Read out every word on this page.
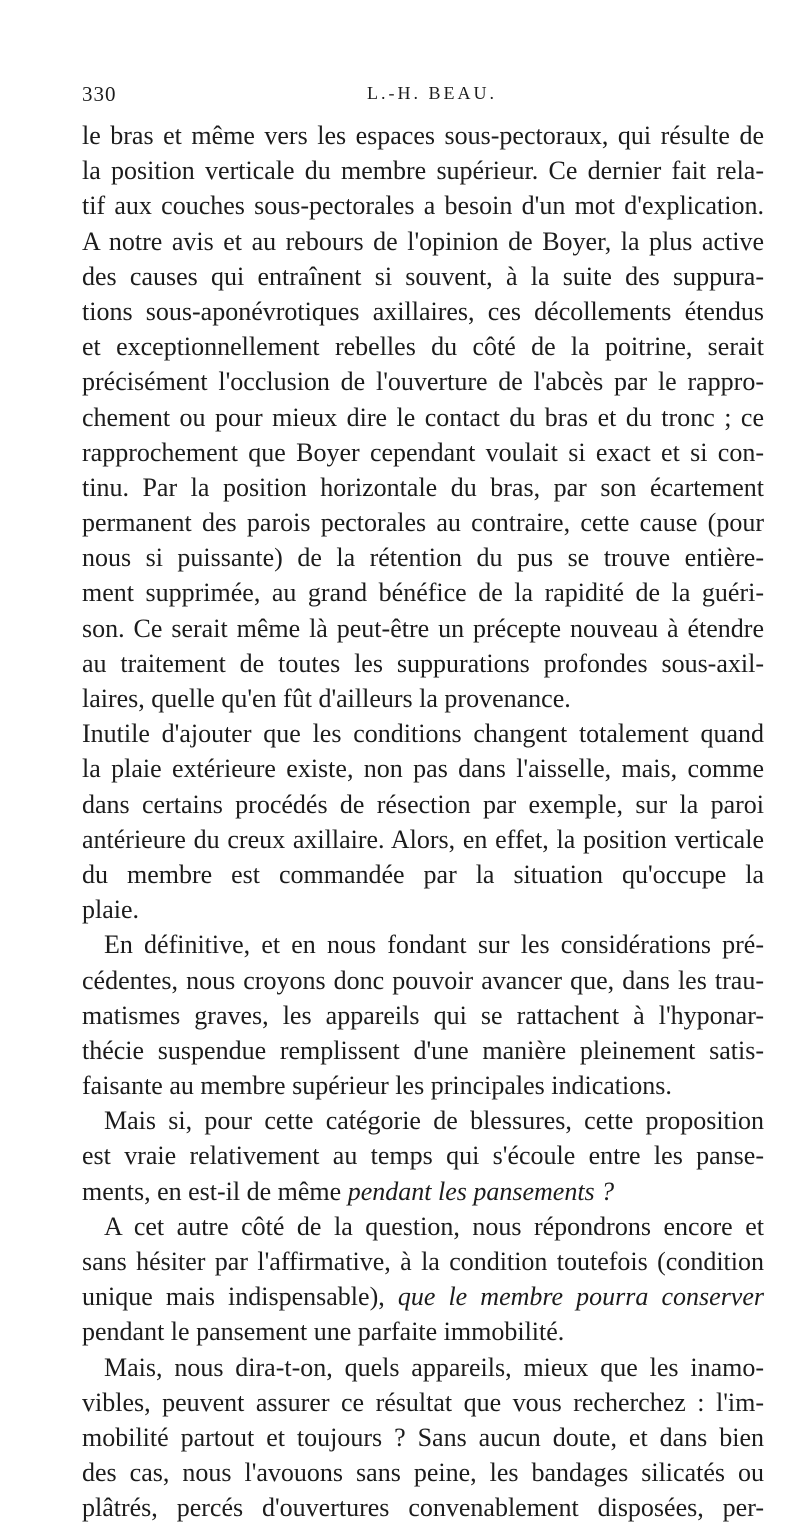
330	L.-H. BEAU.
le bras et même vers les espaces sous-pectoraux, qui résulte de
la position verticale du membre supérieur. Ce dernier fait rela-
tif aux couches sous-pectorales a besoin d'un mot d'explication.
A notre avis et au rebours de l'opinion de Boyer, la plus active
des causes qui entraînent si souvent, à la suite des suppura-
tions sous-aponévrotiques axillaires, ces décollements étendus
et exceptionnellement rebelles du côté de la poitrine, serait
précisément l'occlusion de l'ouverture de l'abcès par le rappro-
chement ou pour mieux dire le contact du bras et du tronc ; ce
rapprochement que Boyer cependant voulait si exact et si con-
tinu. Par la position horizontale du bras, par son écartement
permanent des parois pectorales au contraire, cette cause (pour
nous si puissante) de la rétention du pus se trouve entière-
ment supprimée, au grand bénéfice de la rapidité de la guéri-
son. Ce serait même là peut-être un précepte nouveau à étendre
au traitement de toutes les suppurations profondes sous-axil-
laires, quelle qu'en fût d'ailleurs la provenance.
Inutile d'ajouter que les conditions changent totalement quand
la plaie extérieure existe, non pas dans l'aisselle, mais, comme
dans certains procédés de résection par exemple, sur la paroi
antérieure du creux axillaire. Alors, en effet, la position verticale
du membre est commandée par la situation qu'occupe la
plaie.
En définitive, et en nous fondant sur les considérations pré-
cédentes, nous croyons donc pouvoir avancer que, dans les trau-
matismes graves, les appareils qui se rattachent à l'hyponar-
thécie suspendue remplissent d'une manière pleinement satis-
faisante au membre supérieur les principales indications.
Mais si, pour cette catégorie de blessures, cette proposition
est vraie relativement au temps qui s'écoule entre les panse-
ments, en est-il de même pendant les pansements ?
A cet autre côté de la question, nous répondrons encore et
sans hésiter par l'affirmative, à la condition toutefois (condition
unique mais indispensable), que le membre pourra conserver
pendant le pansement une parfaite immobilité.
Mais, nous dira-t-on, quels appareils, mieux que les inamo-
vibles, peuvent assurer ce résultat que vous recherchez : l'im-
mobilité partout et toujours ? Sans aucun doute, et dans bien
des cas, nous l'avouons sans peine, les bandages silicatés ou
plâtrés, percés d'ouvertures convenablement disposées, per-
